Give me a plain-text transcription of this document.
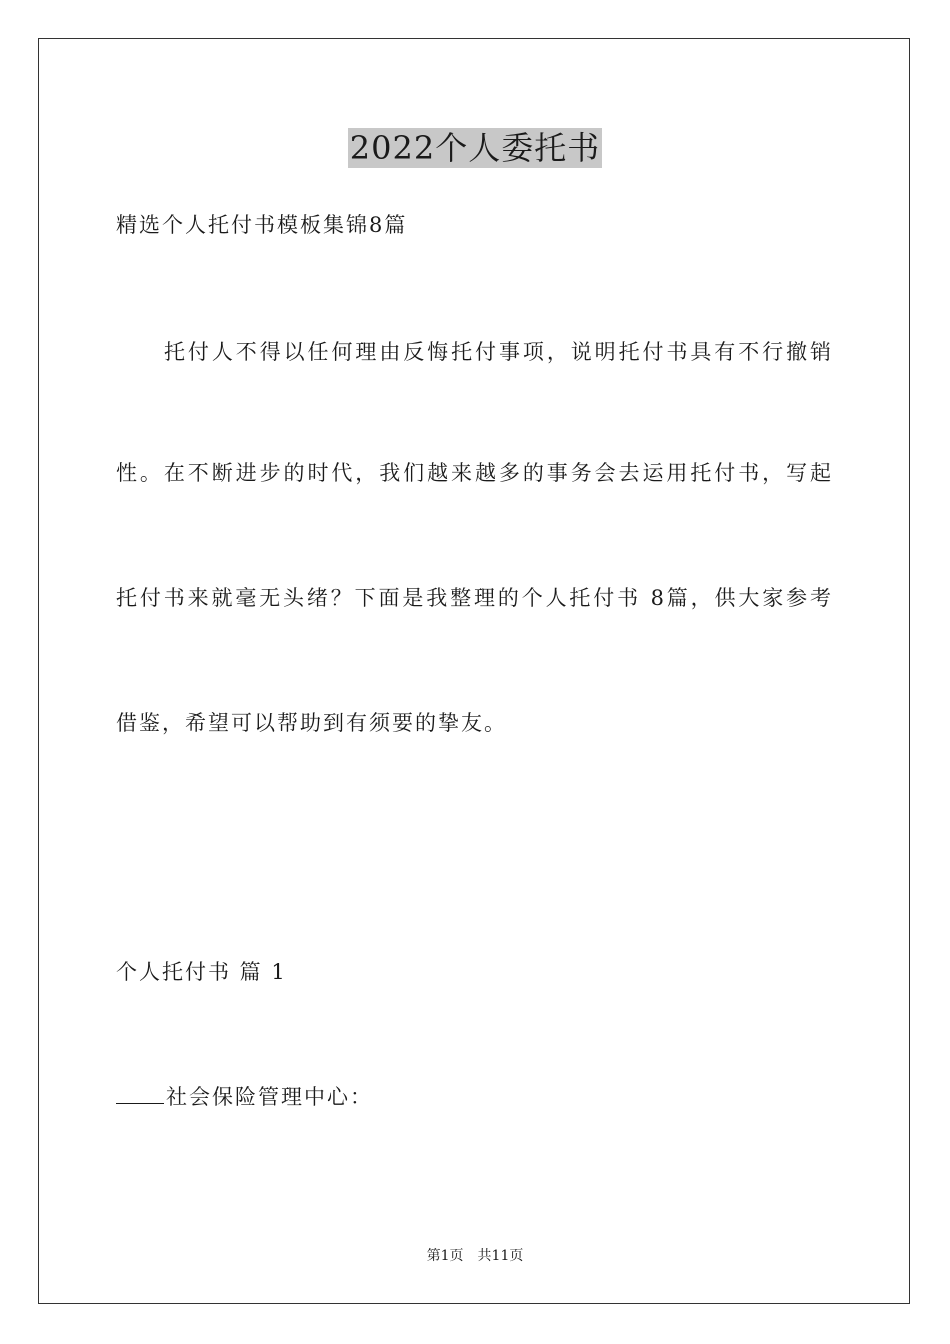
2022个人委托书
精选个人托付书模板集锦8篇
托付人不得以任何理由反悔托付事项，说明托付书具有不行撤销
性。在不断进步的时代，我们越来越多的事务会去运用托付书，写起
托付书来就毫无头绪？下面是我整理的个人托付书 8篇，供大家参考
借鉴，希望可以帮助到有须要的挚友。
个人托付书 篇 1
社会保险管理中心：
第1页 共11页
